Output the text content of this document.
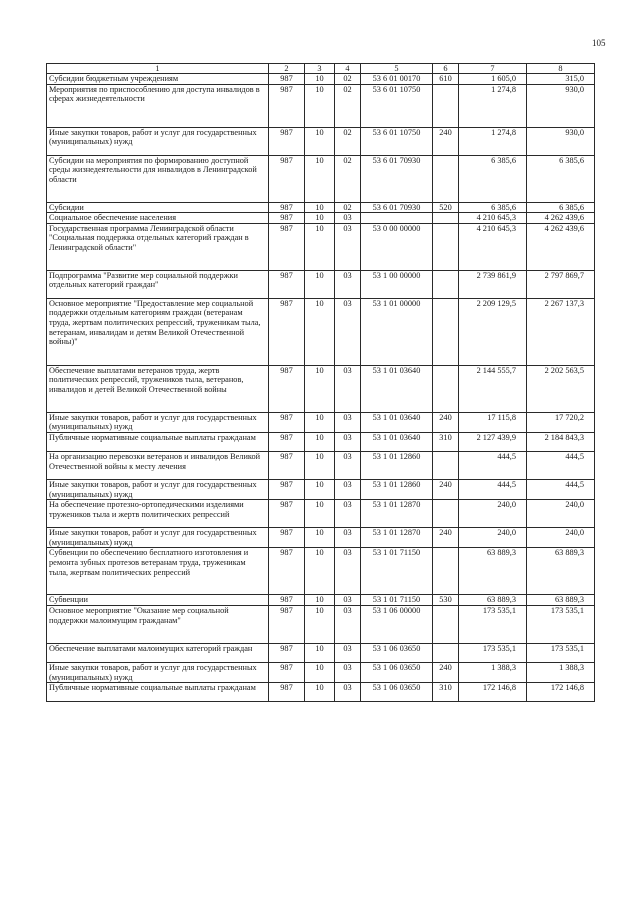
105
1	2	3	4	5	6	7	8
Субсидии бюджетным учреждениям	987	10	02	53 6 01 00170	610	1 605,0	315,0
Мероприятия по приспособлению для доступа инвалидов в сферах жизнедеятельности	987	10	02	53 6 01 10750		1 274,8	930,0
Иные закупки товаров, работ и услуг для государственных (муниципальных) нужд	987	10	02	53 6 01 10750	240	1 274,8	930,0
Субсидии на мероприятия по формированию доступной среды жизнедеятельности для инвалидов в Ленинградской области	987	10	02	53 6 01 70930		6 385,6	6 385,6
Субсидии	987	10	02	53 6 01 70930	520	6 385,6	6 385,6
Социальное обеспечение населения	987	10	03			4 210 645,3	4 262 439,6
Государственная программа Ленинградской области "Социальная поддержка отдельных категорий граждан в Ленинградской области"	987	10	03	53 0 00 00000		4 210 645,3	4 262 439,6
Подпрограмма "Развитие мер социальной поддержки отдельных категорий граждан"	987	10	03	53 1 00 00000		2 739 861,9	2 797 869,7
Основное мероприятие "Предоставление мер социальной поддержки отдельным категориям граждан (ветеранам труда, жертвам политических репрессий, труженикам тыла, ветеранам, инвалидам и детям Великой Отечественной войны)"	987	10	03	53 1 01 00000		2 209 129,5	2 267 137,3
Обеспечение выплатами ветеранов труда, жертв политических репрессий, тружеников тыла, ветеранов, инвалидов и детей Великой Отечественной войны	987	10	03	53 1 01 03640		2 144 555,7	2 202 563,5
Иные закупки товаров, работ и услуг для государственных (муниципальных) нужд	987	10	03	53 1 01 03640	240	17 115,8	17 720,2
Публичные нормативные социальные выплаты гражданам	987	10	03	53 1 01 03640	310	2 127 439,9	2 184 843,3
На организацию перевозки ветеранов и инвалидов Великой Отечественной войны к месту лечения	987	10	03	53 1 01 12860		444,5	444,5
Иные закупки товаров, работ и услуг для государственных (муниципальных) нужд	987	10	03	53 1 01 12860	240	444,5	444,5
На обеспечение протезно-ортопедическими изделиями тружеников тыла и жертв политических репрессий	987	10	03	53 1 01 12870		240,0	240,0
Иные закупки товаров, работ и услуг для государственных (муниципальных) нужд	987	10	03	53 1 01 12870	240	240,0	240,0
Субвенции по обеспечению бесплатного изготовления и ремонта зубных протезов ветеранам труда, труженикам тыла, жертвам политических репрессий	987	10	03	53 1 01 71150		63 889,3	63 889,3
Субвенции	987	10	03	53 1 01 71150	530	63 889,3	63 889,3
Основное мероприятие "Оказание мер социальной поддержки малоимущим гражданам"	987	10	03	53 1 06 00000		173 535,1	173 535,1
Обеспечение выплатами малоимущих категорий граждан	987	10	03	53 1 06 03650		173 535,1	173 535,1
Иные закупки товаров, работ и услуг для государственных (муниципальных) нужд	987	10	03	53 1 06 03650	240	1 388,3	1 388,3
Публичные нормативные социальные выплаты гражданам	987	10	03	53 1 06 03650	310	172 146,8	172 146,8
